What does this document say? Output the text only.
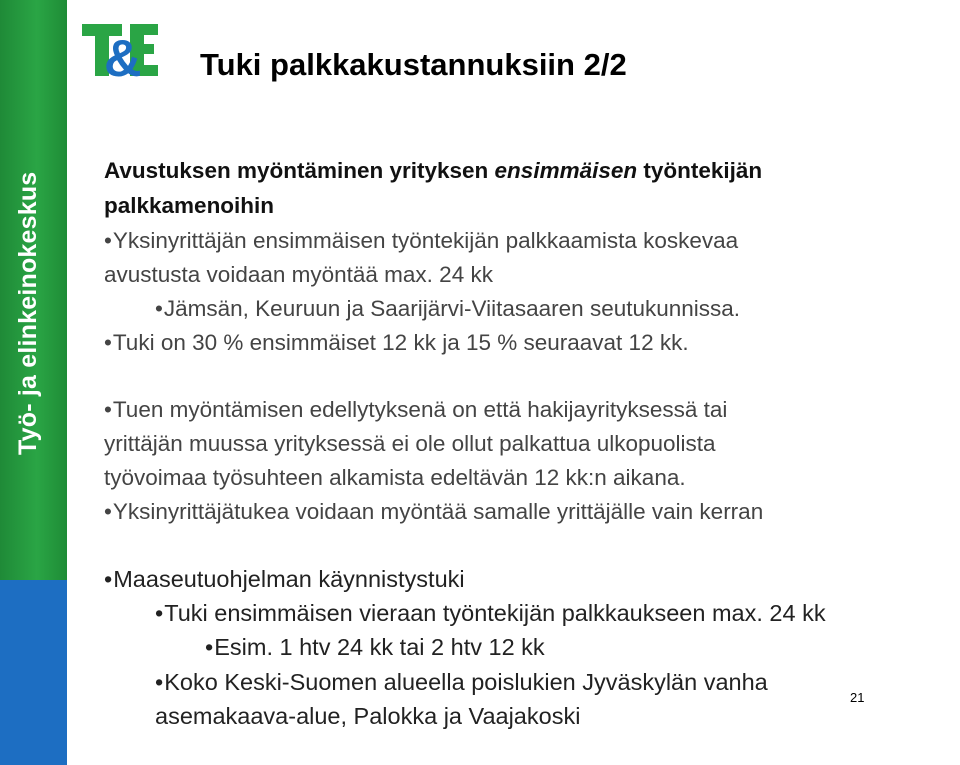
Työ- ja elinkeinokeskus
& Tuki palkkakustannuksiin 2/2
Avustuksen myöntäminen yrityksen ensimmäisen työntekijän
palkkamenoihin
•Yksinyrittäjän ensimmäisen työntekijän palkkaamista koskevaa
avustusta voidaan myöntää max. 24 kk
•Jämsän, Keuruun ja Saarijärvi-Viitasaaren seutukunnissa.
•Tuki on 30 % ensimmäiset 12 kk ja 15 % seuraavat 12 kk.
•Tuen myöntämisen edellytyksenä on että hakijayrityksessä tai
yrittäjän muussa yrityksessä ei ole ollut palkattua ulkopuolista
työvoimaa työsuhteen alkamista edeltävän 12 kk:n aikana.
•Yksinyrittäjätukea voidaan myöntää samalle yrittäjälle vain kerran
•Maaseutuohjelman käynnistystuki
•Tuki ensimmäisen vieraan työntekijän palkkaukseen max. 24 kk
•Esim. 1 htv 24 kk tai 2 htv 12 kk
•Koko Keski-Suomen alueella poislukien Jyväskylän vanha
asemakaava-alue, Palokka ja Vaajakoski
21
